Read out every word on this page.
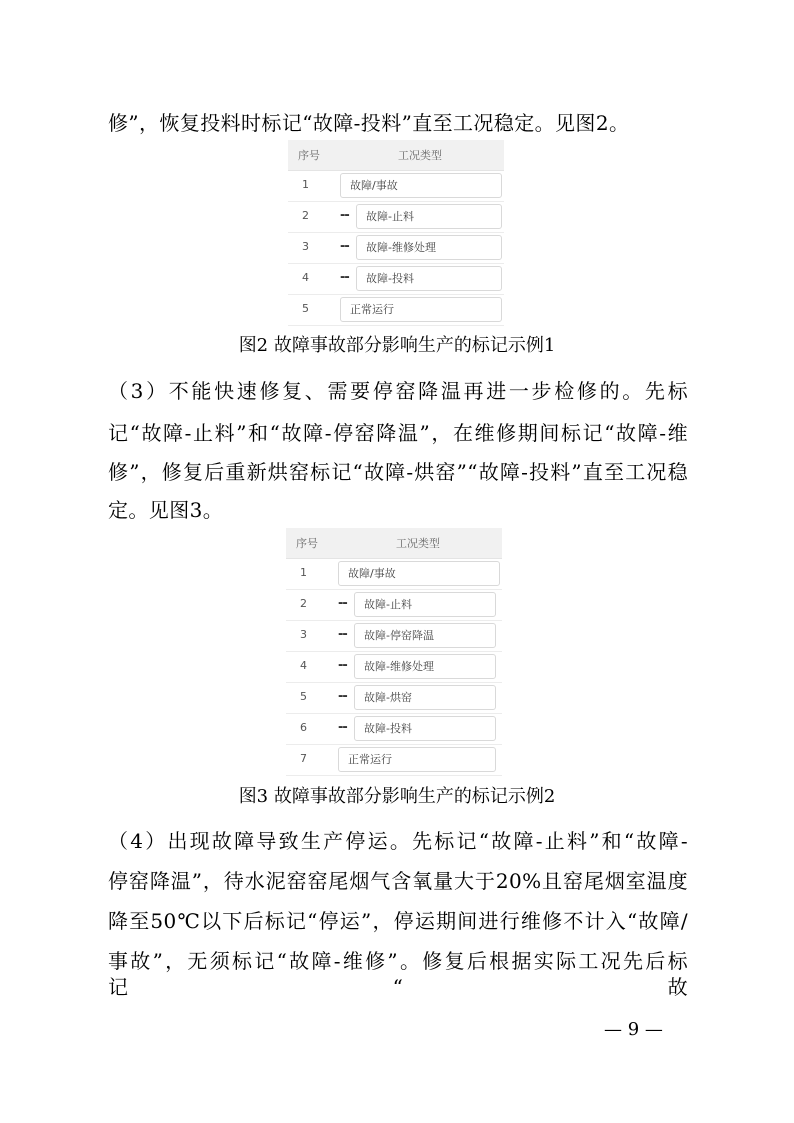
修”，恢复投料时标记“故障-投料”直至工况稳定。见图2。
序号	工况类型
1	故障/事故
2 --	故障-止料
3 --	故障-维修处理
4 --	故障-投料
5	正常运行
图2 故障事故部分影响生产的标记示例1
（3）不能快速修复、需要停窑降温再进一步检修的。先标
记“故障-止料”和“故障-停窑降温”，在维修期间标记“故障-维
修”，修复后重新烘窑标记“故障-烘窑”“故障-投料”直至工况稳
定。见图3。
序号	工况类型
1	故障/事故
2 --	故障-止料
3 --	故障-停窑降温
4 --	故障-维修处理
5 --	故障-烘窑
6 --	故障-投料
7	正常运行
图3 故障事故部分影响生产的标记示例2
（4）出现故障导致生产停运。先标记“故障-止料”和“故障-
停窑降温”，待水泥窑窑尾烟气含氧量大于20%且窑尾烟室温度
降至50℃以下后标记“停运”，停运期间进行维修不计入“故障/
事故”，无须标记“故障-维修”。修复后根据实际工况先后标记“故
— 9 —
